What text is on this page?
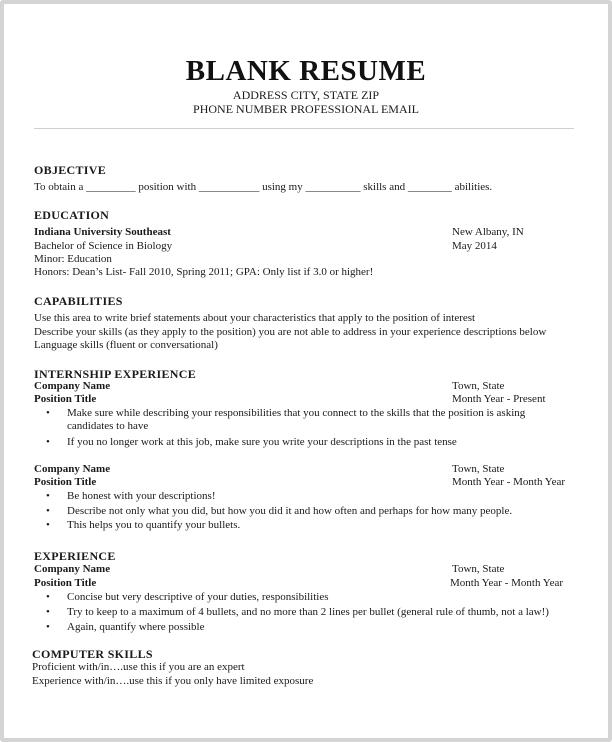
BLANK RESUME
ADDRESS CITY, STATE ZIP
PHONE NUMBER PROFESSIONAL EMAIL
OBJECTIVE
To obtain a _________ position with ___________ using my __________ skills and ________ abilities.
EDUCATION
Indiana University Southeast	New Albany, IN
Bachelor of Science in Biology	May 2014
Minor: Education
Honors: Dean’s List- Fall 2010, Spring 2011; GPA: Only list if 3.0 or higher!
CAPABILITIES
Use this area to write brief statements about your characteristics that apply to the position of interest
Describe your skills (as they apply to the position) you are not able to address in your experience descriptions below
Language skills (fluent or conversational)
INTERNSHIP EXPERIENCE
Company Name	Town, State
Position Title	Month Year - Present
• Make sure while describing your responsibilities that you connect to the skills that the position is asking candidates to have
• If you no longer work at this job, make sure you write your descriptions in the past tense
Company Name	Town, State
Position Title	Month Year - Month Year
• Be honest with your descriptions!
• Describe not only what you did, but how you did it and how often and perhaps for how many people.
• This helps you to quantify your bullets.
EXPERIENCE
Company Name	Town, State
Position Title	Month Year - Month Year
• Concise but very descriptive of your duties, responsibilities
• Try to keep to a maximum of 4 bullets, and no more than 2 lines per bullet (general rule of thumb, not a law!)
• Again, quantify where possible
COMPUTER SKILLS
Proficient with/in….use this if you are an expert
Experience with/in….use this if you only have limited exposure
